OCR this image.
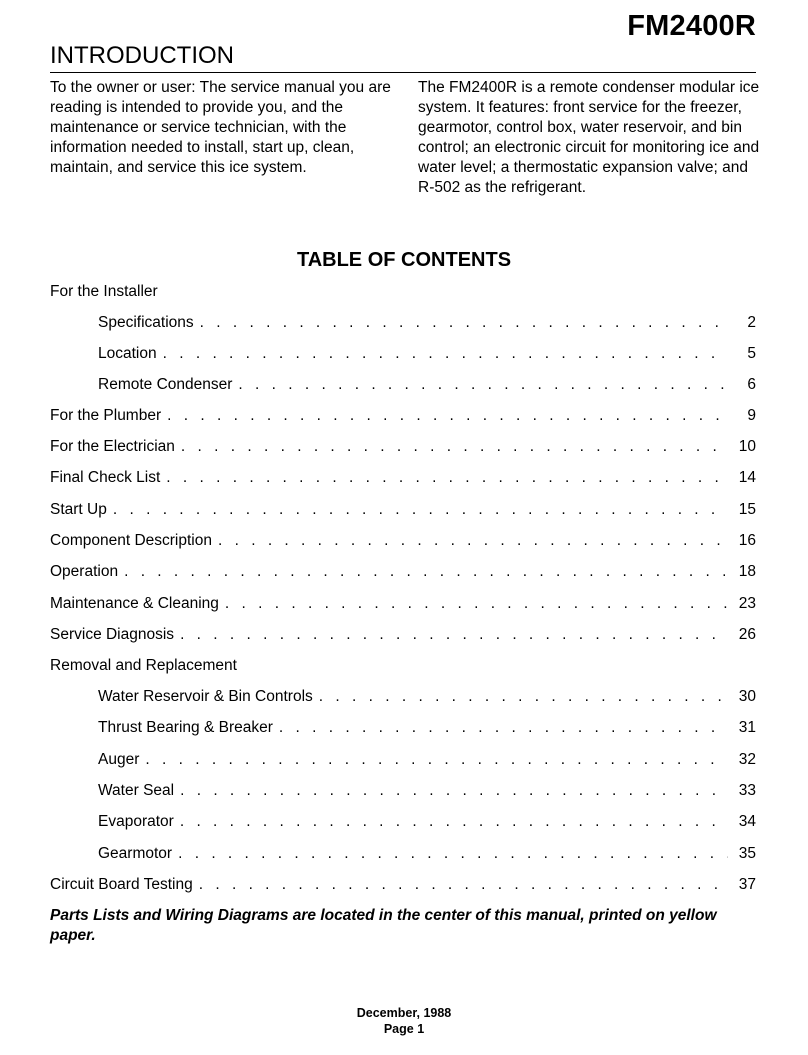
FM2400R
INTRODUCTION
To the owner or user: The service manual you are reading is intended to provide you, and the maintenance or service technician, with the information needed to install, start up, clean, maintain, and service this ice system.
The FM2400R is a remote condenser modular ice system. It features: front service for the freezer, gearmotor, control box, water reservoir, and bin control; an electronic circuit for monitoring ice and water level; a thermostatic expansion valve; and R-502 as the refrigerant.
TABLE OF CONTENTS
For the Installer
Specifications . . .	2
Location . . .	5
Remote Condenser . . .	6
For the Plumber . . .	9
For the Electrician . . .	10
Final Check List . . .	14
Start Up . . .	15
Component Description . . .	16
Operation . . .	18
Maintenance & Cleaning . . .	23
Service Diagnosis . . .	26
Removal and Replacement
Water Reservoir & Bin Controls . . .	30
Thrust Bearing & Breaker . . .	31
Auger . . .	32
Water Seal . . .	33
Evaporator . . .	34
Gearmotor . . .	35
Circuit Board Testing . . .	37
Parts Lists and Wiring Diagrams are located in the center of this manual, printed on yellow paper.
December, 1988
Page 1
